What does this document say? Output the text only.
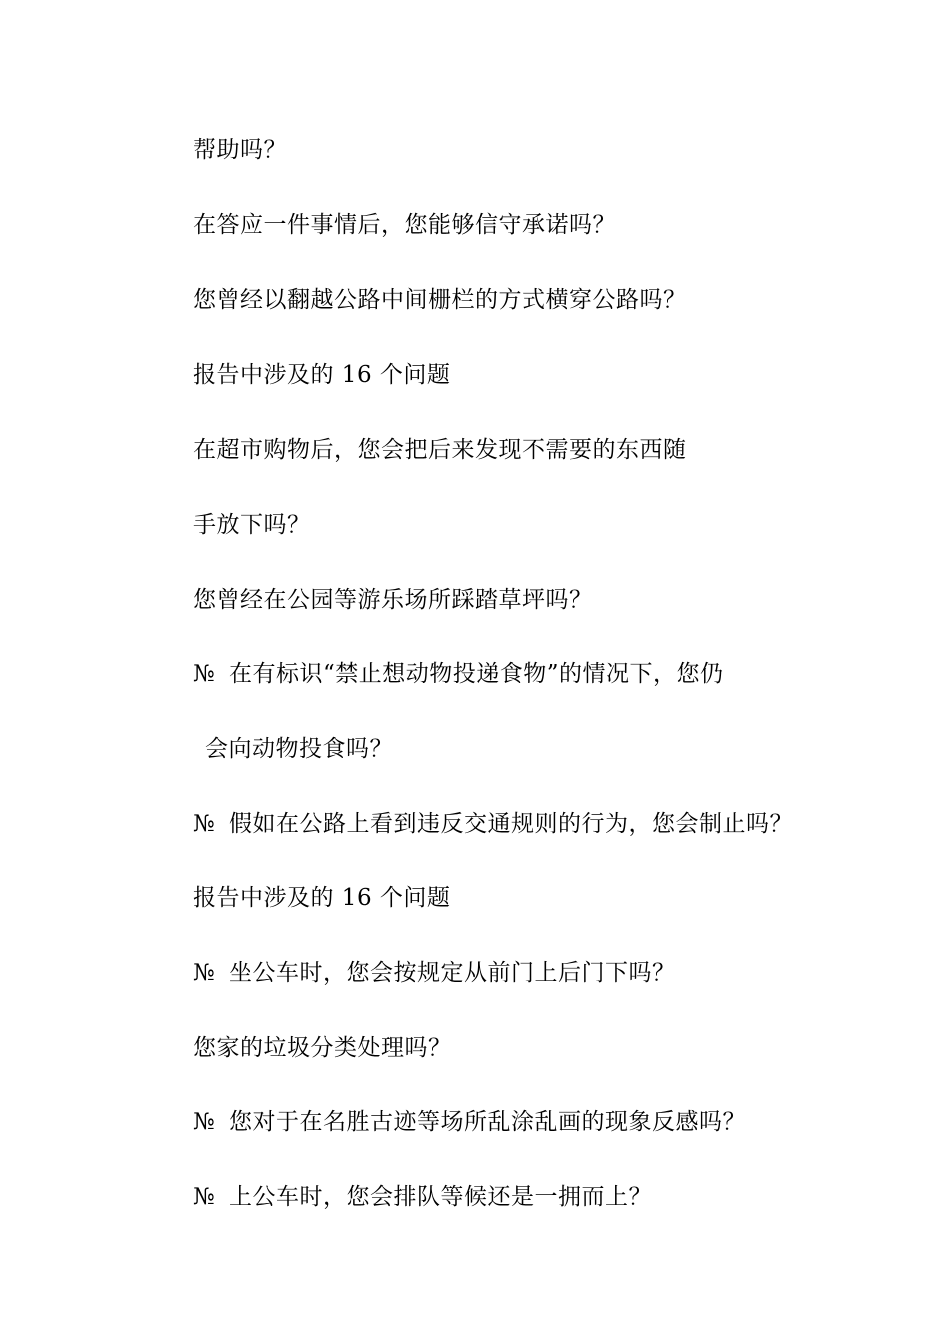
帮助吗？
在答应一件事情后，您能够信守承诺吗？
您曾经以翻越公路中间栅栏的方式横穿公路吗？
报告中涉及的 16 个问题
在超市购物后，您会把后来发现不需要的东西随
手放下吗？
您曾经在公园等游乐场所踩踏草坪吗？
№ 在有标识“禁止想动物投递食物”的情况下，您仍
会向动物投食吗？
№ 假如在公路上看到违反交通规则的行为，您会制止吗？
报告中涉及的 16 个问题
№ 坐公车时，您会按规定从前门上后门下吗？
您家的垃圾分类处理吗？
№ 您对于在名胜古迹等场所乱涂乱画的现象反感吗？
№ 上公车时，您会排队等候还是一拥而上？
